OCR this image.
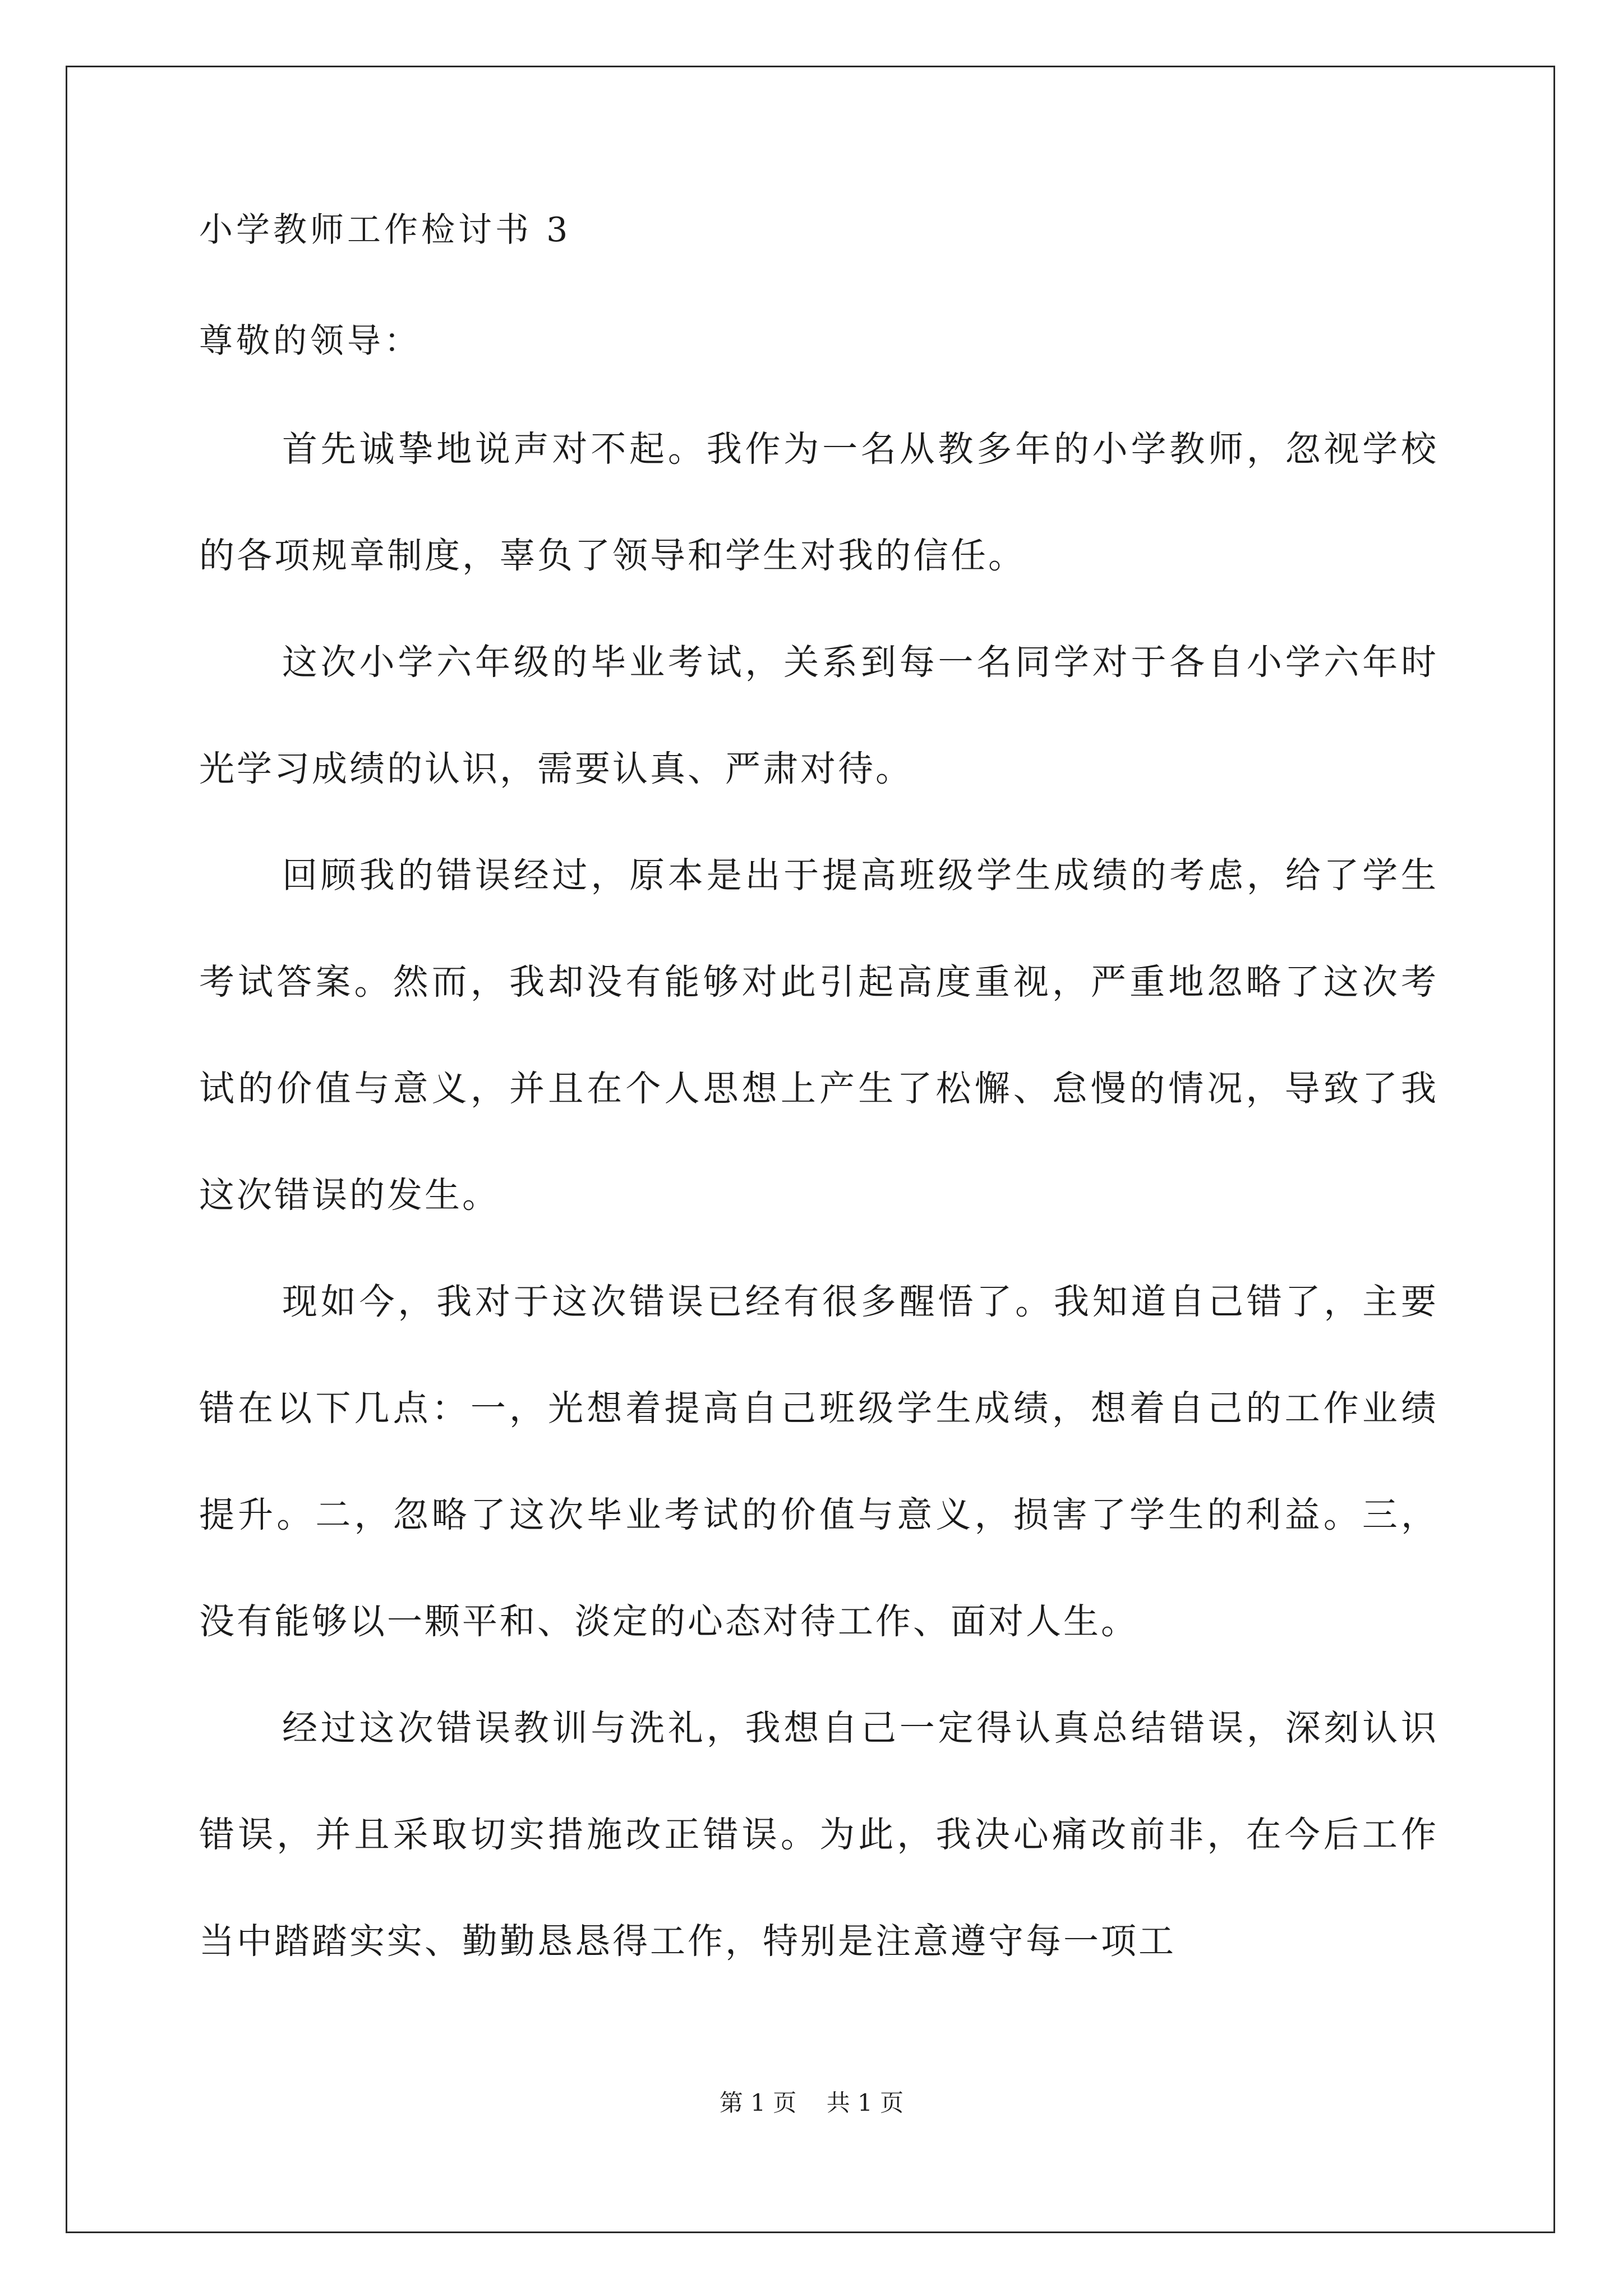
小学教师工作检讨书 3
尊敬的领导：

首先诚挚地说声对不起。我作为一名从教多年的小学教师，忽视学校的各项规章制度，辜负了领导和学生对我的信任。

这次小学六年级的毕业考试，关系到每一名同学对于各自小学六年时光学习成绩的认识，需要认真、严肃对待。

回顾我的错误经过，原本是出于提高班级学生成绩的考虑，给了学生考试答案。然而，我却没有能够对此引起高度重视，严重地忽略了这次考试的价值与意义，并且在个人思想上产生了松懈、怠慢的情况，导致了我这次错误的发生。

现如今，我对于这次错误已经有很多醒悟了。我知道自己错了，主要错在以下几点：一，光想着提高自己班级学生成绩，想着自己的工作业绩提升。二，忽略了这次毕业考试的价值与意义，损害了学生的利益。三，没有能够以一颗平和、淡定的心态对待工作、面对人生。

经过这次错误教训与洗礼，我想自己一定得认真总结错误，深刻认识错误，并且采取切实措施改正错误。为此，我决心痛改前非，在今后工作当中踏踏实实、勤勤恳恳得工作，特别是注意遵守每一项工

第 1 页 共 1 页
